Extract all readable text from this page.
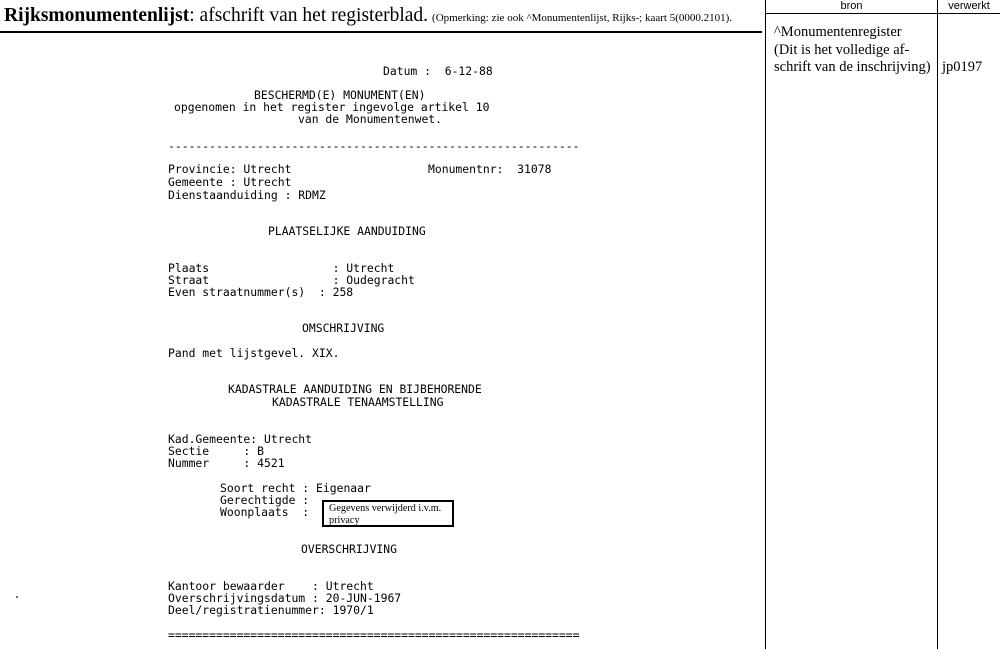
Rijksmonumentenlijst: afschrift van het registerblad. (Opmerking: zie ook ^Monumentenlijst, Rijks-; kaart 5(0000.2101).
bron	verwerkt
^Monumentenregister
(Dit is het volledige af-
schrift van de inschrijving) jp0197

Datum :  6-12-88

BESCHERMD(E) MONUMENT(EN)

opgenomen in het register ingevolge artikel 10

van de Monumentenwet.

------------------------------------------------------------

Provincie: Utrecht

	Monumentnr:  31078

Gemeente : Utrecht

Dienstaanduiding : RDMZ

PLAATSELIJKE AANDUIDING

Plaats                  : Utrecht

Straat                  : Oudegracht

Even straatnummer(s)  : 258

OMSCHRIJVING

Pand met lijstgevel. XIX.

KADASTRALE AANDUIDING EN BIJBEHORENDE

KADASTRALE TENAAMSTELLING

Kad.Gemeente: Utrecht

Sectie     : B

Nummer     : 4521

Soort recht : Eigenaar

Gerechtigde :

Woonplaats  :

OVERSCHRIJVING

Kantoor bewaarder    : Utrecht

Overschrijvingsdatum : 20-JUN-1967

Deel/registratienummer: 1970/1

============================================================

Gegevens verwijderd i.v.m. privacy
